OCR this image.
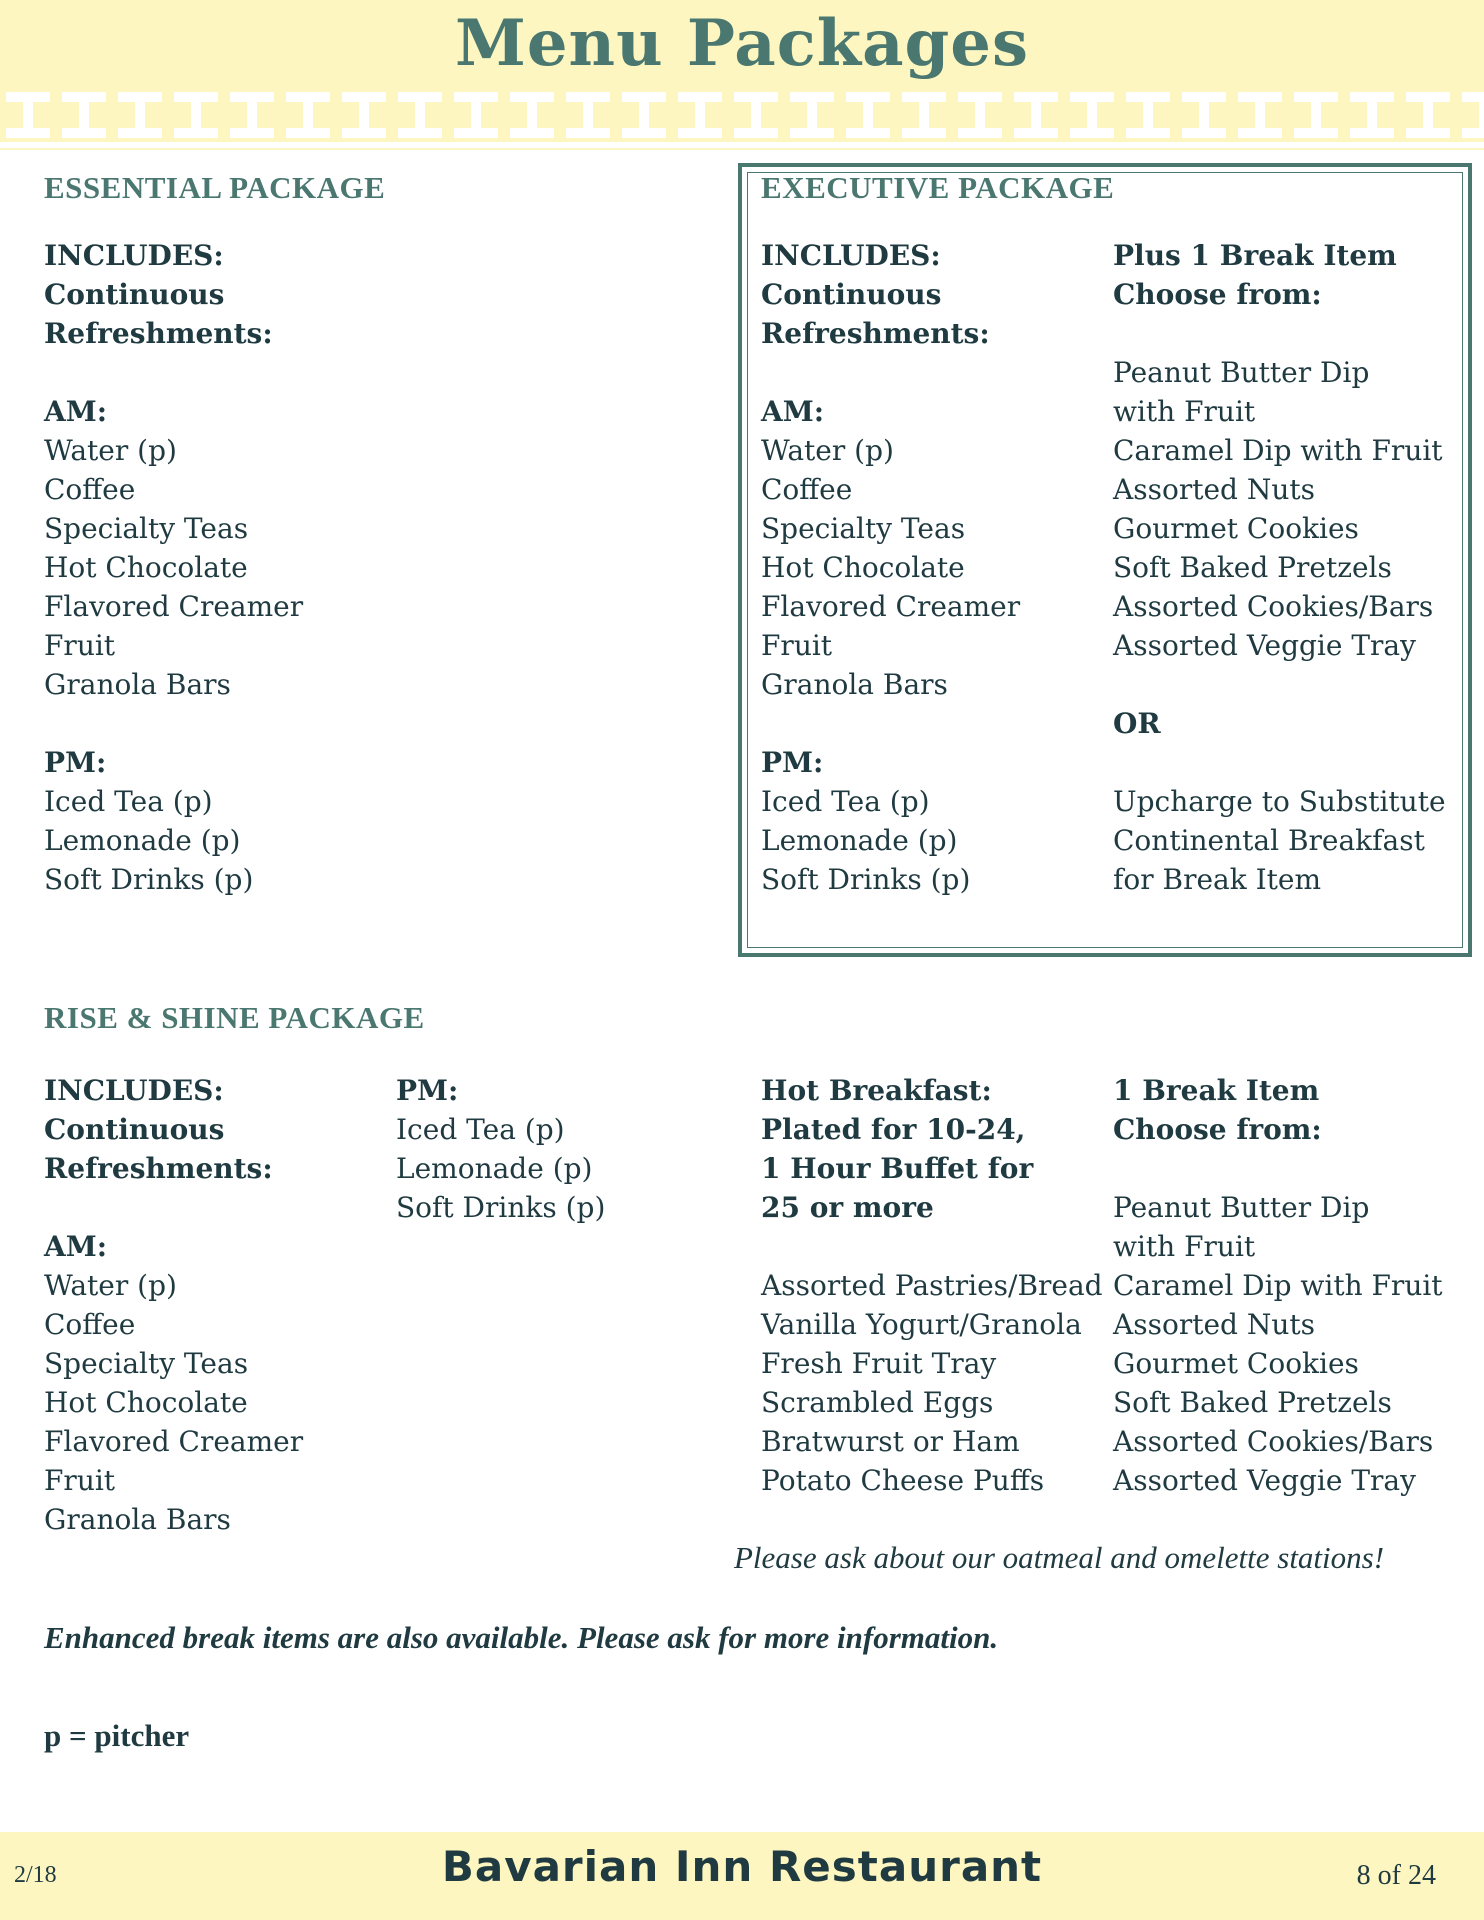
Menu Packages
ESSENTIAL PACKAGE
INCLUDES:
Continuous Refreshments:
AM:
Water (p)
Coffee
Specialty Teas
Hot Chocolate
Flavored Creamer
Fruit
Granola Bars
PM:
Iced Tea (p)
Lemonade (p)
Soft Drinks (p)
EXECUTIVE PACKAGE
INCLUDES:
Continuous
Refreshments:
AM:
Water (p)
Coffee
Specialty Teas
Hot Chocolate
Flavored Creamer
Fruit
Granola Bars
PM:
Iced Tea (p)
Lemonade (p)
Soft Drinks (p)
Plus 1 Break Item
Choose from:
Peanut Butter Dip
with Fruit
Caramel Dip with Fruit
Assorted Nuts
Gourmet Cookies
Soft Baked Pretzels
Assorted Cookies/Bars
Assorted Veggie Tray
OR
Upcharge to Substitute
Continental Breakfast
for Break Item
RISE & SHINE PACKAGE
INCLUDES:
Continuous
Refreshments:
AM:
Water (p)
Coffee
Specialty Teas
Hot Chocolate
Flavored Creamer
Fruit
Granola Bars
PM:
Iced Tea (p)
Lemonade (p)
Soft Drinks (p)
Hot Breakfast:
Plated for 10-24,
1 Hour Buffet for
25 or more
Assorted Pastries/Bread
Vanilla Yogurt/Granola
Fresh Fruit Tray
Scrambled Eggs
Bratwurst or Ham
Potato Cheese Puffs
1 Break Item
Choose from:
Peanut Butter Dip
with Fruit
Caramel Dip with Fruit
Assorted Nuts
Gourmet Cookies
Soft Baked Pretzels
Assorted Cookies/Bars
Assorted Veggie Tray
Please ask about our oatmeal and omelette stations!
Enhanced break items are also available. Please ask for more information.
p = pitcher
2/18	Bavarian Inn Restaurant	8 of 24
